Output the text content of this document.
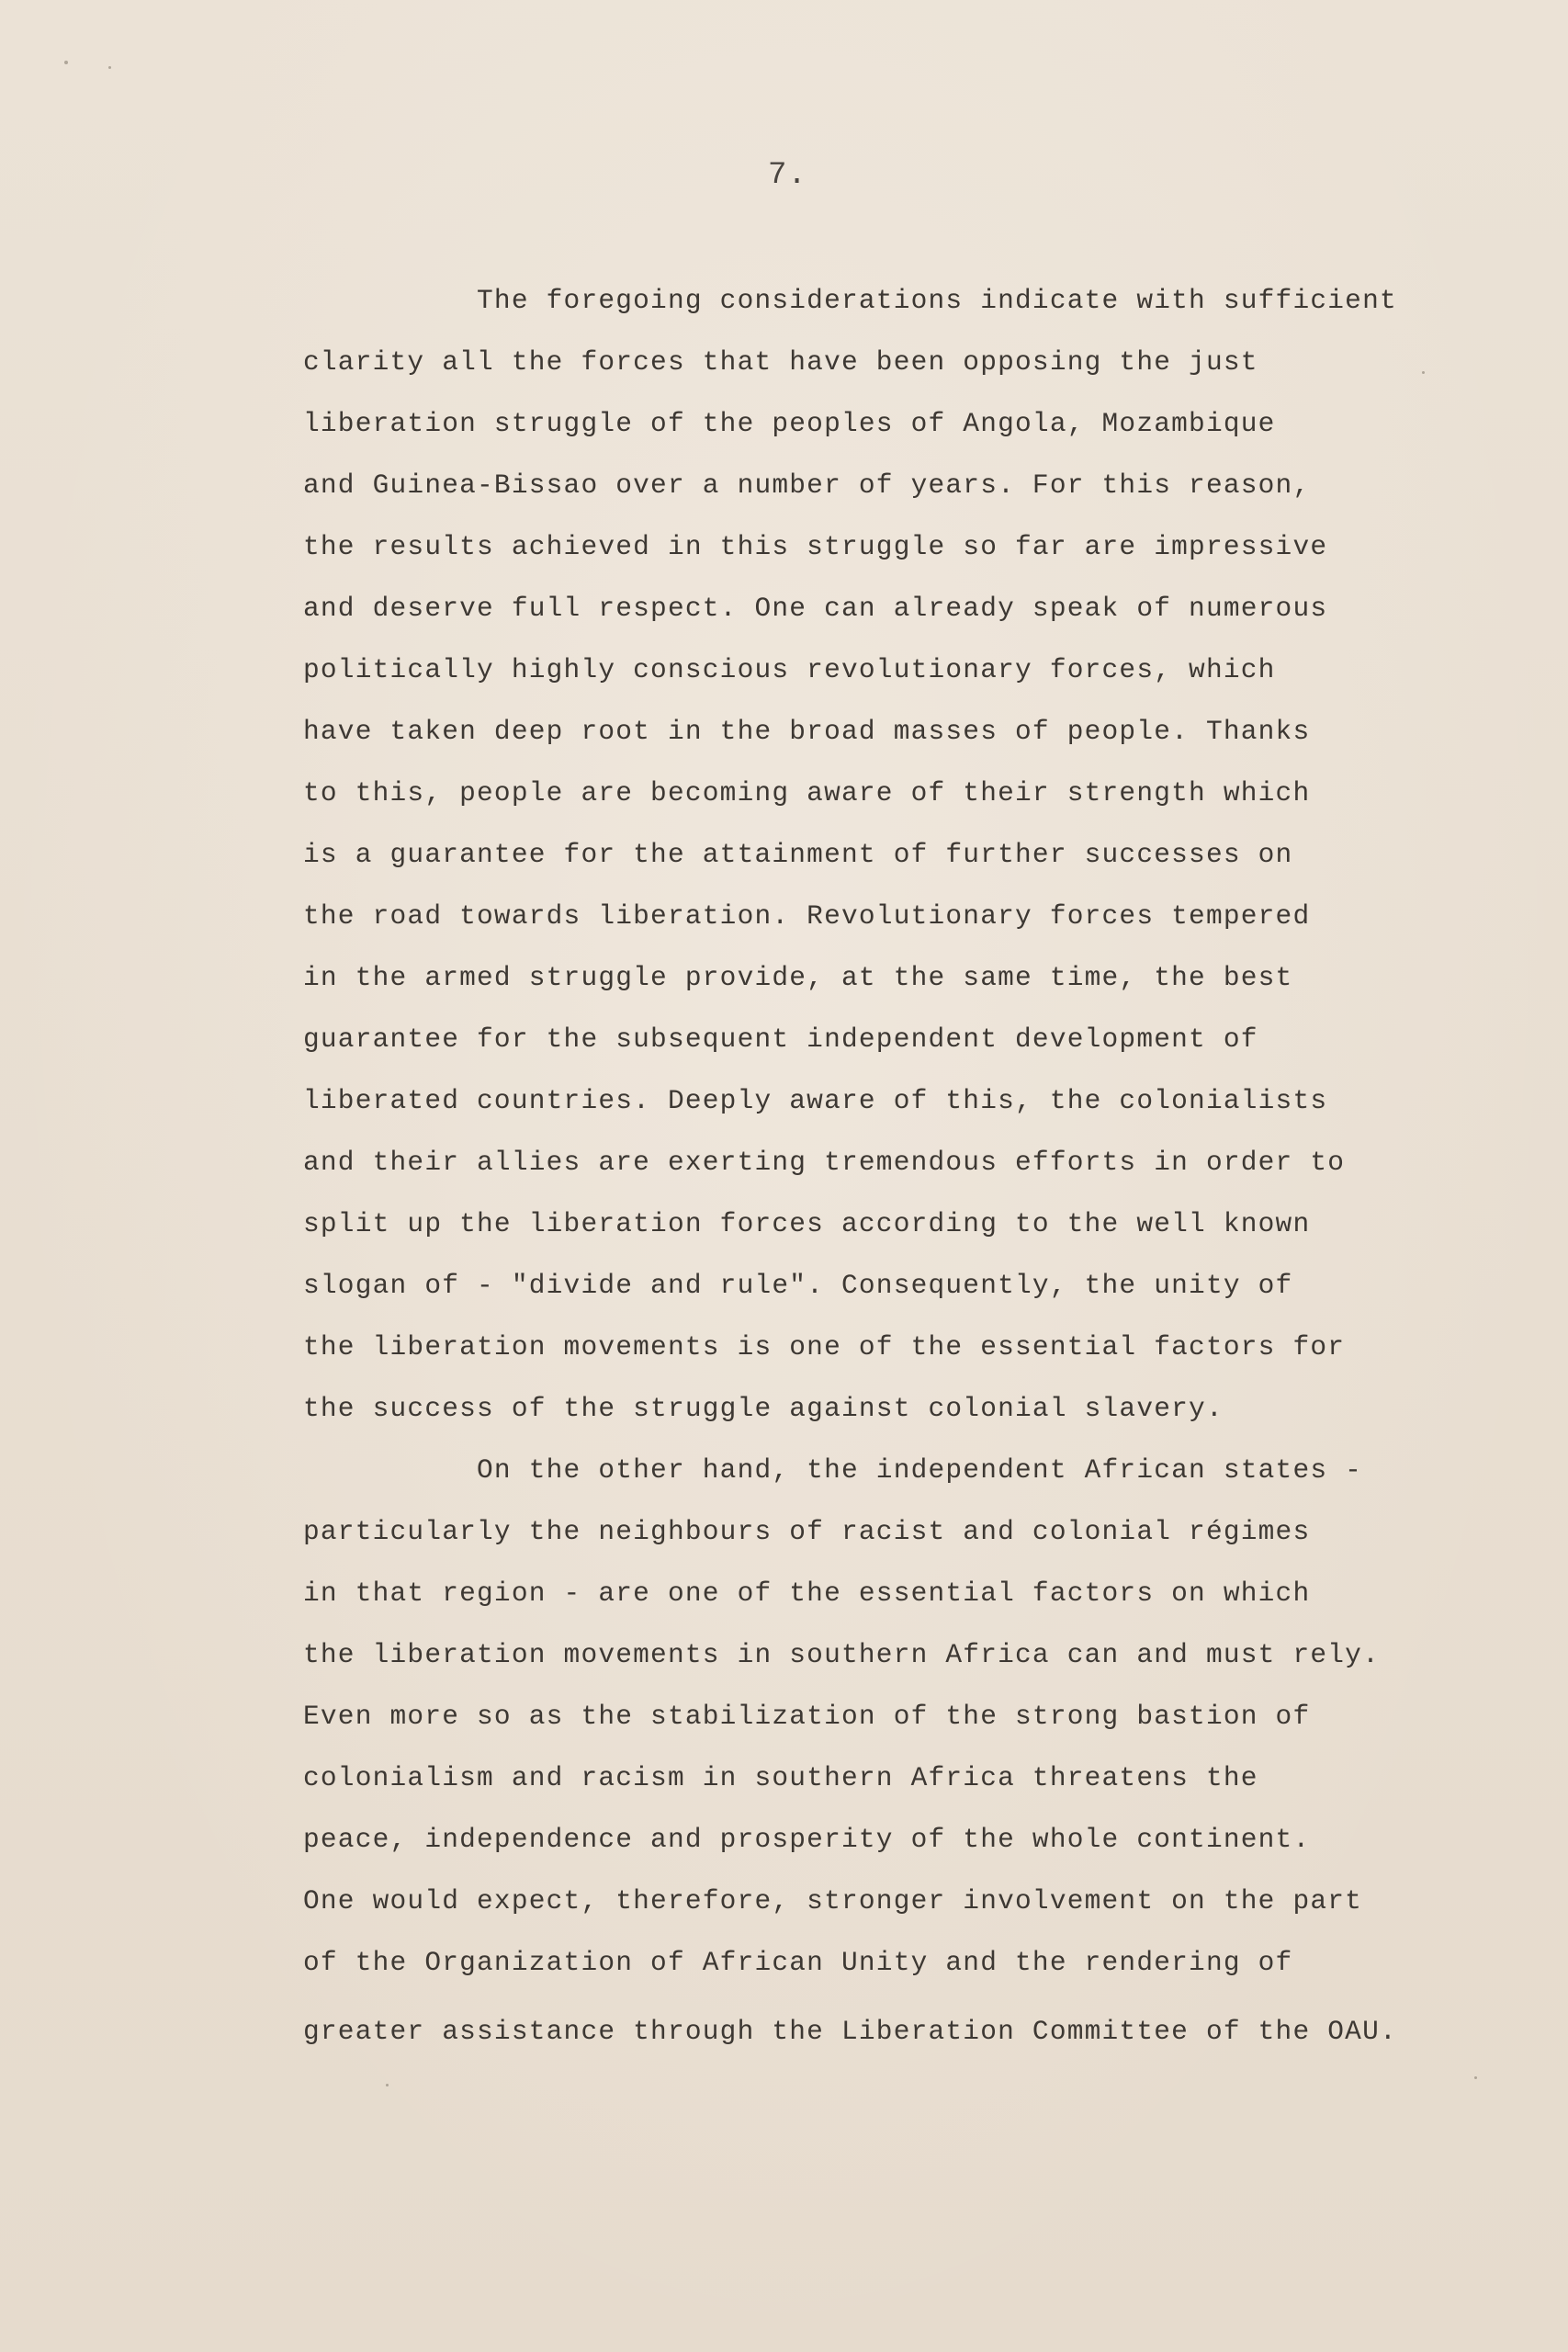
7.

The foregoing considerations indicate with sufficient

clarity all the forces that have been opposing the just

liberation struggle of the peoples of Angola, Mozambique

and Guinea-Bissao over a number of years. For this reason,

the results achieved in this struggle so far are impressive

and deserve full respect. One can already speak of numerous

politically highly conscious revolutionary forces, which

have taken deep root in the broad masses of people. Thanks

to this, people are becoming aware of their strength which

is a guarantee for the attainment of further successes on

the road towards liberation. Revolutionary forces tempered

in the armed struggle provide, at the same time, the best

guarantee for the subsequent independent development of

liberated countries. Deeply aware of this, the colonialists

and their allies are exerting tremendous efforts in order to

split up the liberation forces according to the well known

slogan of - "divide and rule". Consequently, the unity of

the liberation movements is one of the essential factors for

the success of the struggle against colonial slavery.

On the other hand, the independent African states -

particularly the neighbours of racist and colonial régimes

in that region - are one of the essential factors on which

the liberation movements in southern Africa can and must rely.

Even more so as the stabilization of the strong bastion of

colonialism and racism in southern Africa threatens the

peace, independence and prosperity of the whole continent.

One would expect, therefore, stronger involvement on the part

of the Organization of African Unity and the rendering of

greater assistance through the Liberation Committee of the OAU.
